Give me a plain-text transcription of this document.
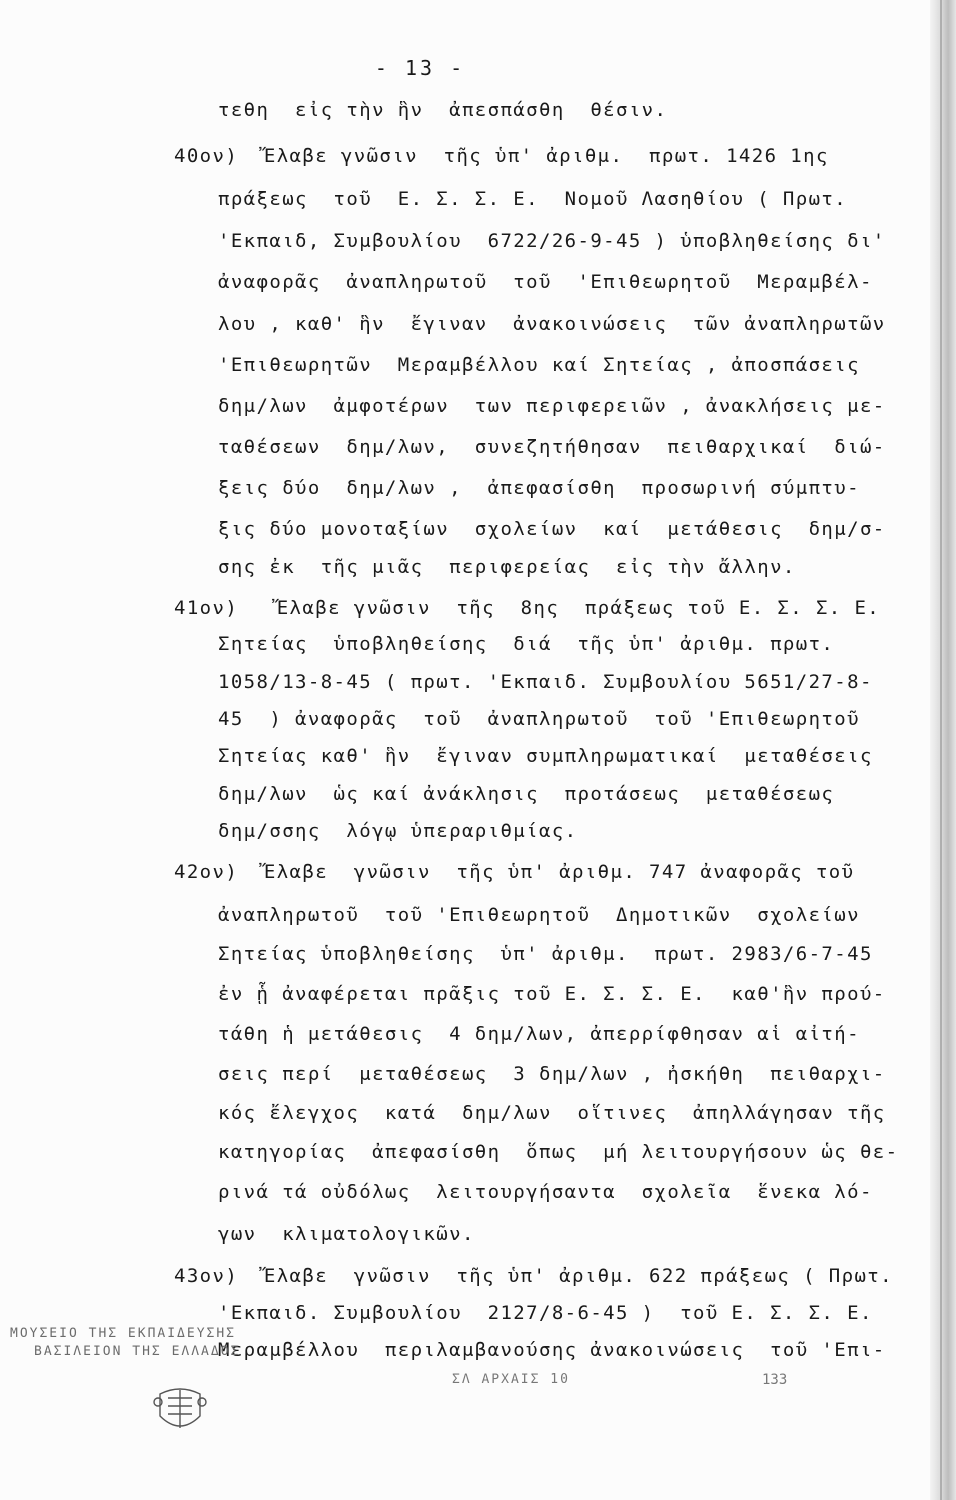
- 13 -
τεθη  εἰς τὴν ἣν  ἀπεσπάσθη  θέσιν.
40ον)  Ἔλαβε γνῶσιν  τῆς ὑπ' ἀριθμ.  πρωτ. 1426 1ης
πράξεως  τοῦ  Ε. Σ. Σ. Ε.  Νομοῦ Λασηθίου ( Πρωτ.
'Εκπαιδ, Συμβουλίου  6722/26-9-45 ) ὑποβληθείσης δι'
ἀναφορᾶς  ἀναπληρωτοῦ  τοῦ  'Επιθεωρητοῦ  Μεραμβέλ-
λου , καθ' ἣν  ἔγιναν  ἀνακοινώσεις  τῶν ἀναπληρωτῶν
'Επιθεωρητῶν  Μεραμβέλλου καί Σητείας , ἀποσπάσεις
δημ/λων  ἀμφοτέρων  των περιφερειῶν , ἀνακλήσεις με-
ταθέσεων  δημ/λων,  συνεζητήθησαν  πειθαρχικαί  διώ-
ξεις δύο  δημ/λων ,  ἀπεφασίσθη  προσωρινή σύμπτυ-
ξις δύο μονοταξίων  σχολείων  καί  μετάθεσις  δημ/σ-
σης ἐκ  τῆς μιᾶς  περιφερείας  εἰς τὴν ἄλλην.
41ον)   Ἔλαβε γνῶσιν  τῆς  8ης  πράξεως τοῦ Ε. Σ. Σ. Ε.
Σητείας  ὑποβληθείσης  διά  τῆς ὑπ' ἀριθμ. πρωτ.
1058/13-8-45 ( πρωτ. 'Εκπαιδ. Συμβουλίου 5651/27-8-
45  ) ἀναφορᾶς  τοῦ  ἀναπληρωτοῦ  τοῦ 'Επιθεωρητοῦ
Σητείας καθ' ἣν  ἔγιναν συμπληρωματικαί  μεταθέσεις
δημ/λων  ὡς καί ἀνάκλησις  προτάσεως  μεταθέσεως
δημ/σσης  λόγῳ ὑπεραριθμίας.
42ον)  Ἔλαβε  γνῶσιν  τῆς ὑπ' ἀριθμ. 747 ἀναφορᾶς τοῦ
ἀναπληρωτοῦ  τοῦ 'Επιθεωρητοῦ  Δημοτικῶν  σχολείων
Σητείας ὑποβληθείσης  ὑπ' ἀριθμ.  πρωτ. 2983/6-7-45
ἐν ᾗ ἀναφέρεται πρᾶξις τοῦ Ε. Σ. Σ. Ε.  καθ'ἣν πρού-
τάθη ἡ μετάθεσις  4 δημ/λων, ἀπερρίφθησαν αἱ αἰτή-
σεις περί  μεταθέσεως  3 δημ/λων , ἠσκήθη  πειθαρχι-
κός ἔλεγχος  κατά  δημ/λων  οἵτινες  ἀπηλλάγησαν τῆς
κατηγορίας  ἀπεφασίσθη  ὅπως  μή λειτουργήσουν ὡς θε-
ρινά τά οὐδόλως  λειτουργήσαντα  σχολεῖα  ἕνεκα λό-
γων  κλιματολογικῶν.
43ον)  Ἔλαβε  γνῶσιν  τῆς ὑπ' ἀριθμ. 622 πράξεως ( Πρωτ.
'Εκπαιδ. Συμβουλίου  2127/8-6-45 )  τοῦ Ε. Σ. Σ. Ε.
Μεραμβέλλου  περιλαμβανούσης ἀνακοινώσεις  τοῦ 'Επι-
ΜΟΥΣΕΙΟ ΤΗΣ ΕΚΠΑΙΔΕΥΣΗΣ
ΒΑΣΙΛΕΙΟΝ ΤΗΣ ΕΛΛΑΔΟΣ
ΣΛ ΑΡΧΑΙΣ 10	133
